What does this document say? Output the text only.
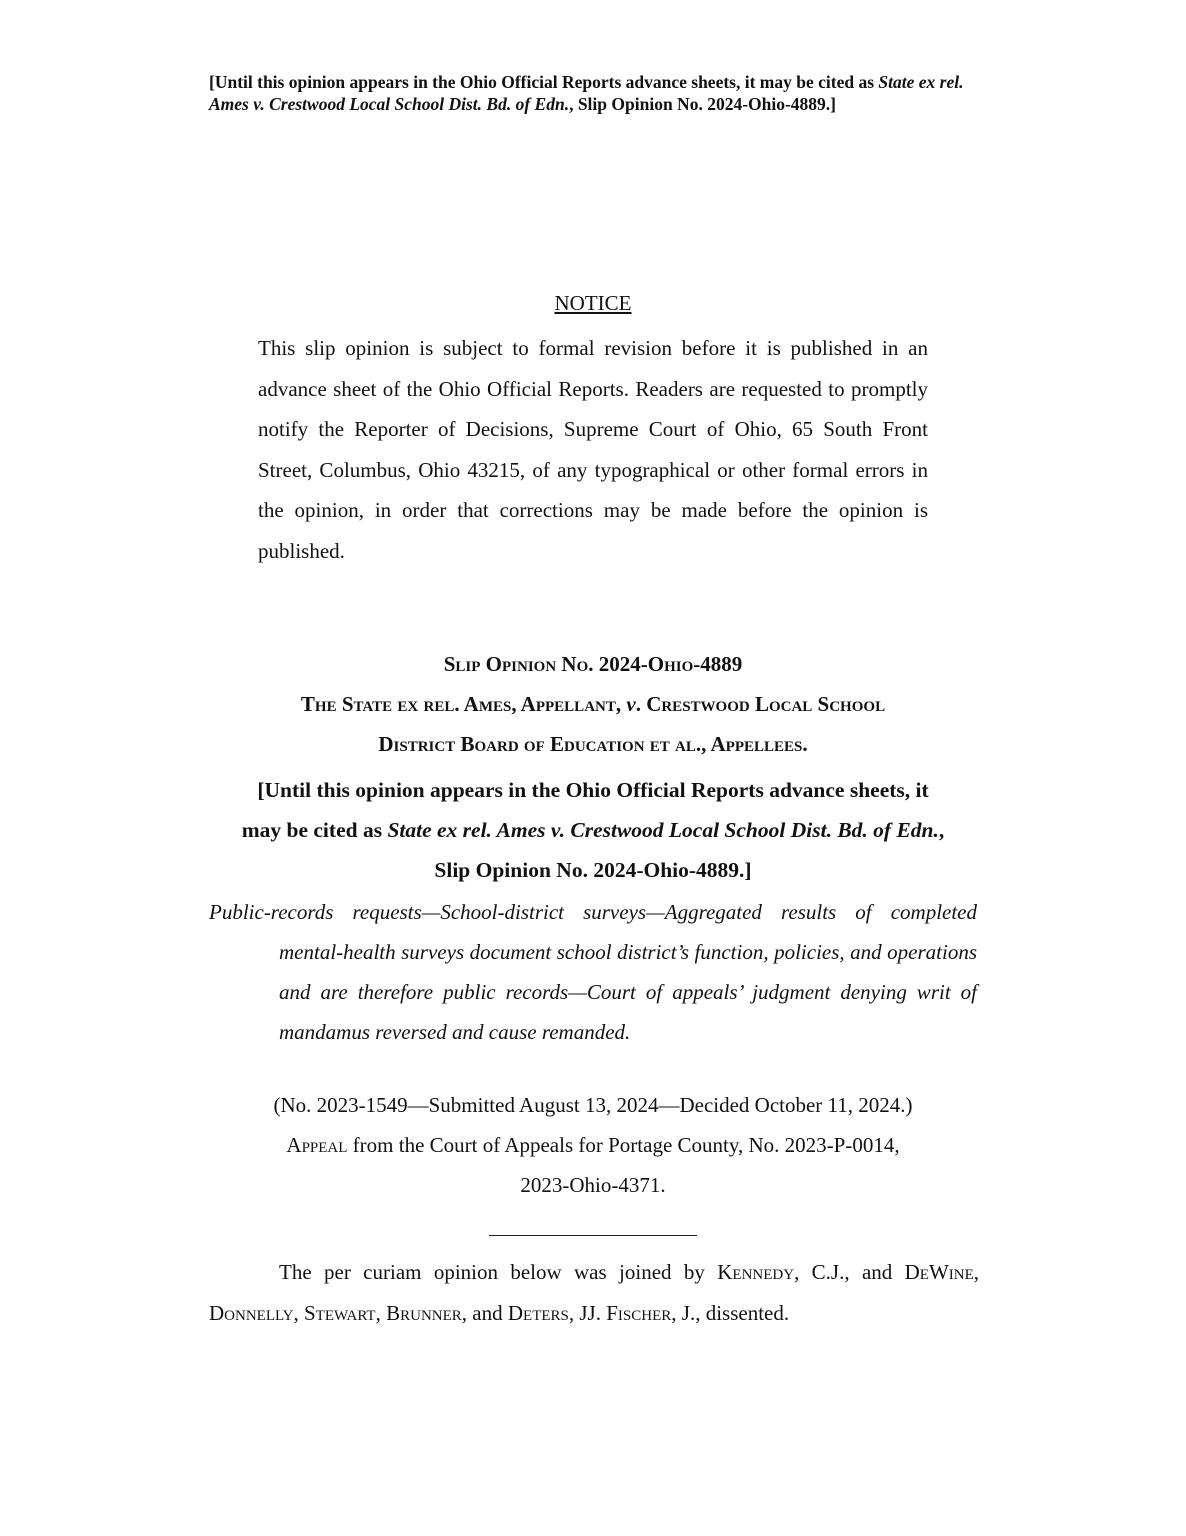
[Until this opinion appears in the Ohio Official Reports advance sheets, it may be cited as State ex rel. Ames v. Crestwood Local School Dist. Bd. of Edn., Slip Opinion No. 2024-Ohio-4889.]
NOTICE
This slip opinion is subject to formal revision before it is published in an advance sheet of the Ohio Official Reports. Readers are requested to promptly notify the Reporter of Decisions, Supreme Court of Ohio, 65 South Front Street, Columbus, Ohio 43215, of any typographical or other formal errors in the opinion, in order that corrections may be made before the opinion is published.
Slip Opinion No. 2024-Ohio-4889
The State ex rel. Ames, Appellant, v. Crestwood Local School
District Board of Education et al., Appellees.
[Until this opinion appears in the Ohio Official Reports advance sheets, it
may be cited as State ex rel. Ames v. Crestwood Local School Dist. Bd. of Edn.,
Slip Opinion No. 2024-Ohio-4889.]
Public-records requests—School-district surveys—Aggregated results of completed mental-health surveys document school district’s function, policies, and operations and are therefore public records—Court of appeals’ judgment denying writ of mandamus reversed and cause remanded.
(No. 2023-1549—Submitted August 13, 2024—Decided October 11, 2024.)
Appeal from the Court of Appeals for Portage County, No. 2023-P-0014,
2023-Ohio-4371.
The per curiam opinion below was joined by Kennedy, C.J., and DeWine, Donnelly, Stewart, Brunner, and Deters, JJ. Fischer, J., dissented.
